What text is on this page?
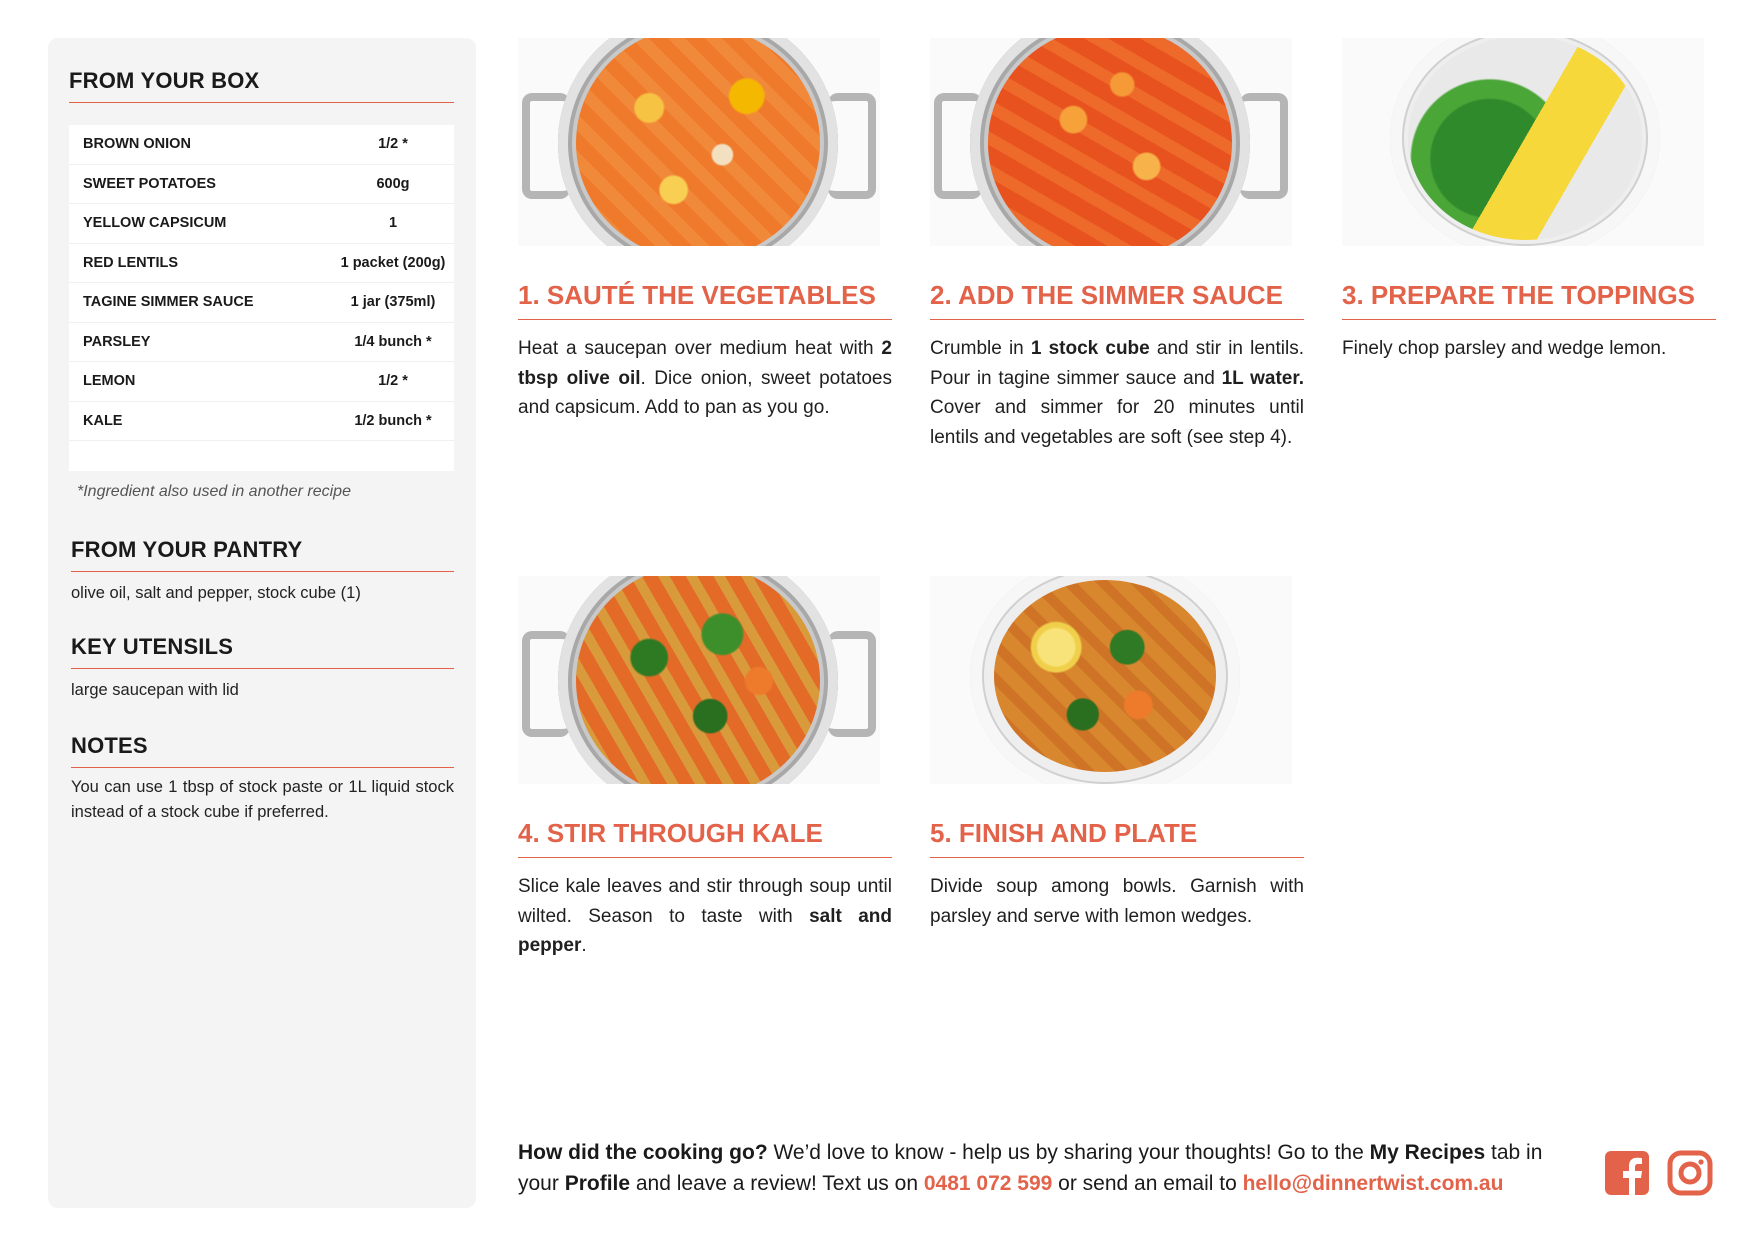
FROM YOUR BOX
BROWN ONION	1/2 *
SWEET POTATOES	600g
YELLOW CAPSICUM	1
RED LENTILS	1 packet (200g)
TAGINE SIMMER SAUCE	1 jar (375ml)
PARSLEY	1/4 bunch *
LEMON	1/2 *
KALE	1/2 bunch *
*Ingredient also used in another recipe
FROM YOUR PANTRY
olive oil, salt and pepper, stock cube (1)
KEY UTENSILS
large saucepan with lid
NOTES
You can use 1 tbsp of stock paste or 1L liquid stock instead of a stock cube if preferred.
1. SAUTÉ THE VEGETABLES
Heat a saucepan over medium heat with 2 tbsp olive oil. Dice onion, sweet potatoes and capsicum. Add to pan as you go.
2. ADD THE SIMMER SAUCE
Crumble in 1 stock cube and stir in lentils. Pour in tagine simmer sauce and 1L water. Cover and simmer for 20 minutes until lentils and vegetables are soft (see step 4).
3. PREPARE THE TOPPINGS
Finely chop parsley and wedge lemon.
4. STIR THROUGH KALE
Slice kale leaves and stir through soup until wilted. Season to taste with salt and pepper.
5. FINISH AND PLATE
Divide soup among bowls. Garnish with parsley and serve with lemon wedges.
How did the cooking go? We’d love to know - help us by sharing your thoughts! Go to the My Recipes tab in your Profile and leave a review! Text us on 0481 072 599 or send an email to hello@dinnertwist.com.au
